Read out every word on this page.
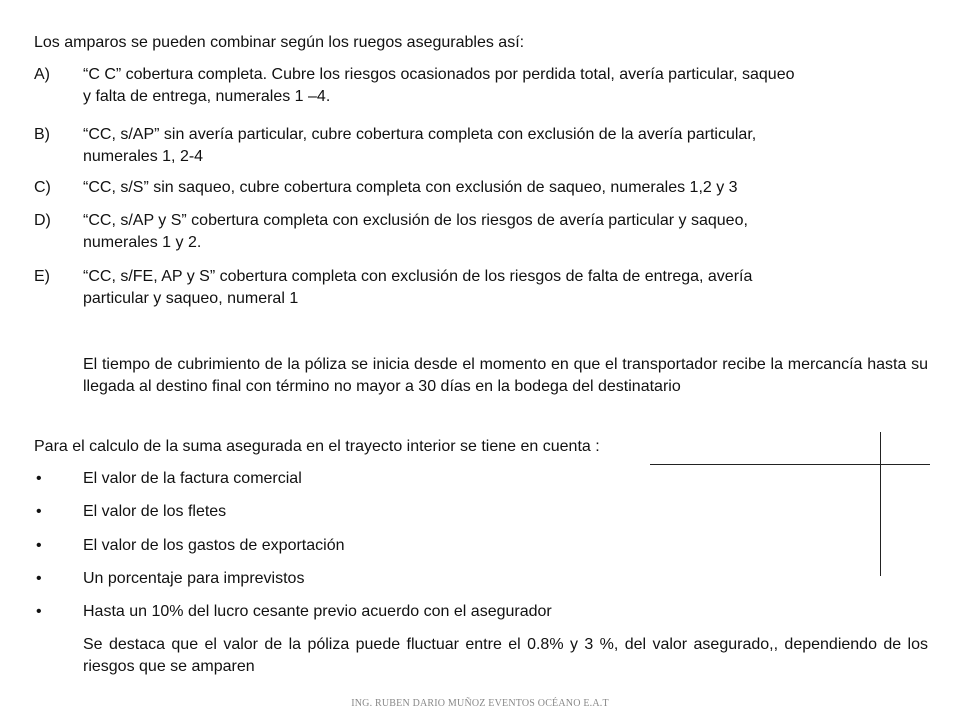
Los amparos se pueden combinar según los ruegos asegurables así:
A) “C C” cobertura completa. Cubre los riesgos ocasionados por perdida total, avería particular, saqueo
y falta de entrega, numerales 1 –4.
B) “CC, s/AP” sin avería particular, cubre cobertura completa con exclusión de la avería particular,
numerales 1, 2-4
C) “CC, s/S” sin saqueo, cubre cobertura completa con exclusión de saqueo, numerales 1,2 y 3
D) “CC, s/AP y S” cobertura completa con exclusión de los riesgos de avería particular y saqueo,
numerales 1 y 2.
E) “CC, s/FE, AP y S” cobertura completa con exclusión de los riesgos de falta de entrega, avería
particular y saqueo, numeral 1
El tiempo de cubrimiento de la póliza se inicia desde el momento en que el transportador recibe la mercancía hasta su llegada al destino final con término no mayor a 30 días en la bodega del destinatario
Para el calculo de la suma asegurada en el trayecto interior se tiene en cuenta :
•	El valor de la factura comercial
•	El valor de los fletes
•	El valor de los gastos de exportación
•	Un porcentaje para imprevistos
•	Hasta un 10% del lucro cesante previo acuerdo con el asegurador
Se destaca que el valor de la póliza puede fluctuar entre el 0.8% y 3 %, del valor asegurado,, dependiendo de los riesgos que se amparen
ING. RUBEN DARIO MUÑOZ EVENTOS OCÉANO E.A.T
